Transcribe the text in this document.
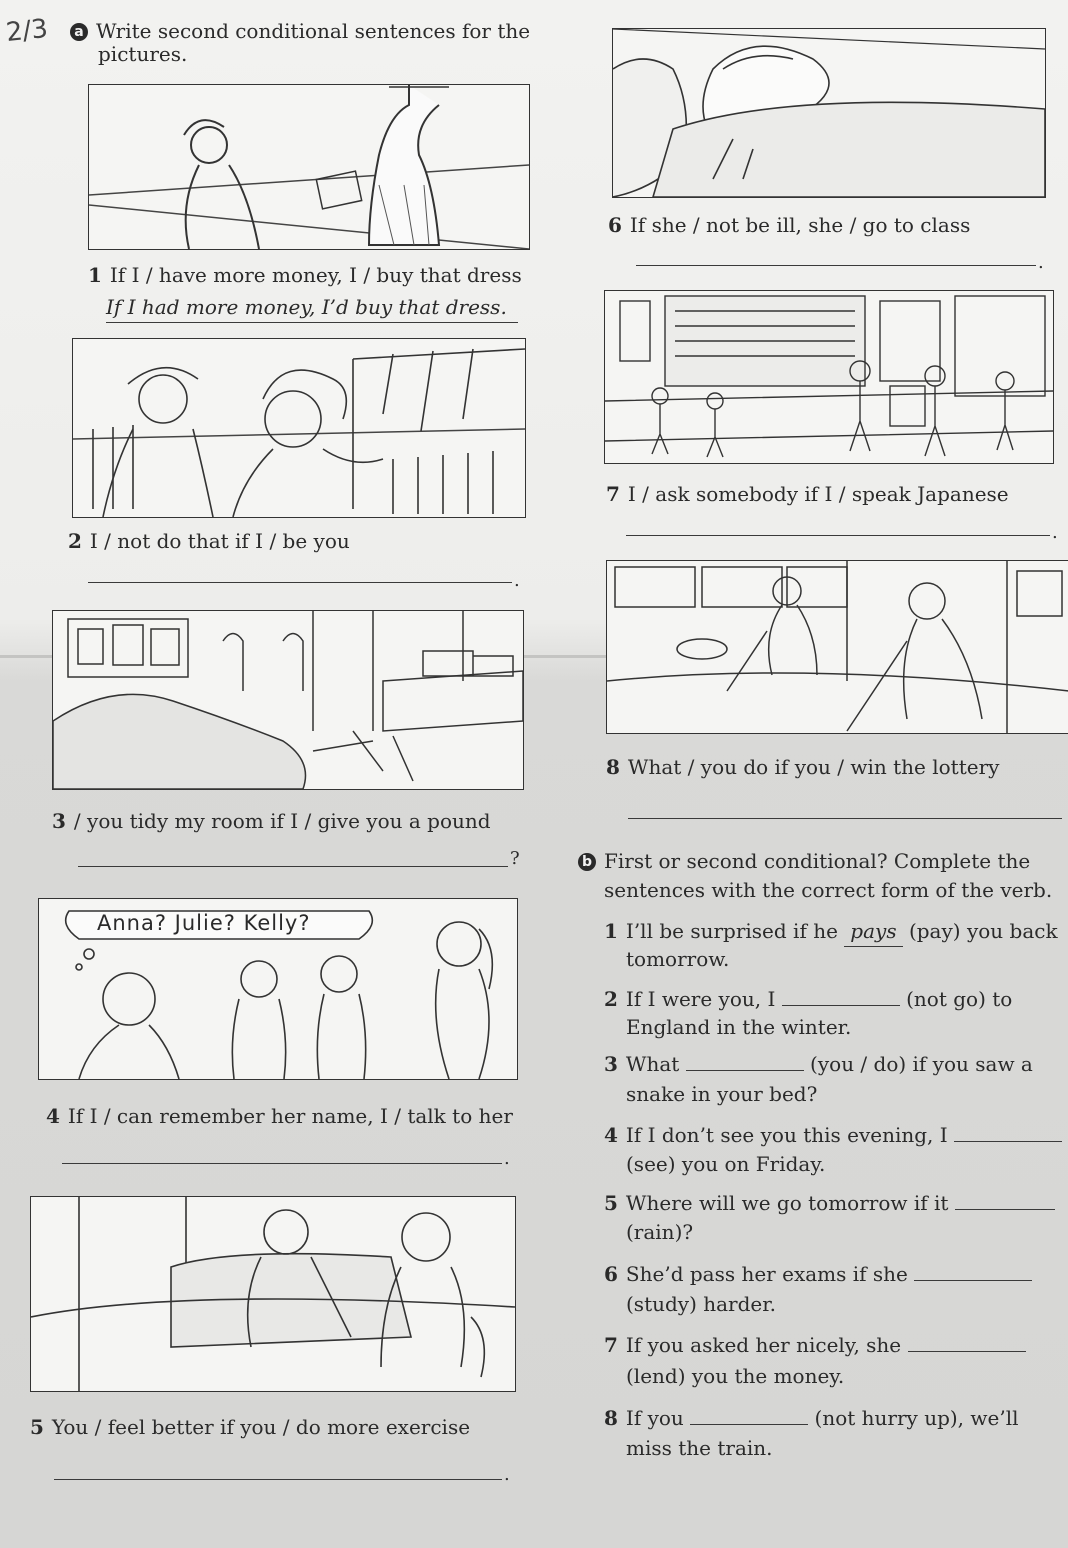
2/3	a Write second conditional sentences for the
pictures.
1 If I / have more money, I / buy that dress
If I had more money, I’d buy that dress.
2 I / not do that if I / be you
.
3 / you tidy my room if I / give you a pound
?
Anna? Julie? Kelly?
4 If I / can remember her name, I / talk to her
.
5 You / feel better if you / do more exercise
.
6 If she / not be ill, she / go to class
.
7 I / ask somebody if I / speak Japanese
.
8 What / you do if you / win the lottery
b First or second conditional? Complete the
sentences with the correct form of the verb.
1 I’ll be surprised if he pays (pay) you back
tomorrow.
2 If I were you, I	(not go) to
England in the winter.
3 What	(you / do) if you saw a
snake in your bed?
4 If I don’t see you this evening, I
(see) you on Friday.
5 Where will we go tomorrow if it
(rain)?
6 She’d pass her exams if she
(study) harder.
7 If you asked her nicely, she
(lend) you the money.
8 If you	(not hurry up), we’ll
miss the train.
